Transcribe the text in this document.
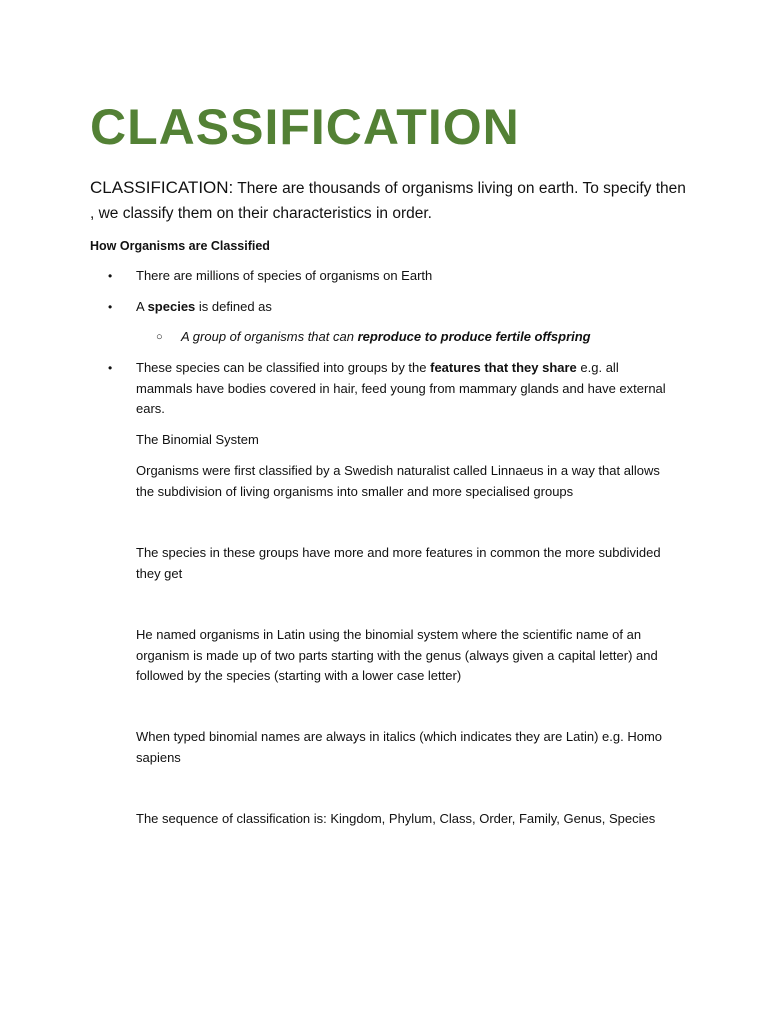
CLASSIFICATION

CLASSIFICATION: There are thousands of organisms living on earth. To specify then , we classify them on their characteristics in order.

How Organisms are Classified

•	There are millions of species of organisms on Earth
•	A species is defined as
○	A group of organisms that can reproduce to produce fertile offspring
•	These species can be classified into groups by the features that they share e.g. all mammals have bodies covered in hair, feed young from mammary glands and have external ears.

The Binomial System

Organisms were first classified by a Swedish naturalist called Linnaeus in a way that allows the subdivision of living organisms into smaller and more specialised groups

The species in these groups have more and more features in common the more subdivided they get

He named organisms in Latin using the binomial system where the scientific name of an organism is made up of two parts starting with the genus (always given a capital letter) and followed by the species (starting with a lower case letter)

When typed binomial names are always in italics (which indicates they are Latin) e.g. Homo sapiens

The sequence of classification is: Kingdom, Phylum, Class, Order, Family, Genus, Species
